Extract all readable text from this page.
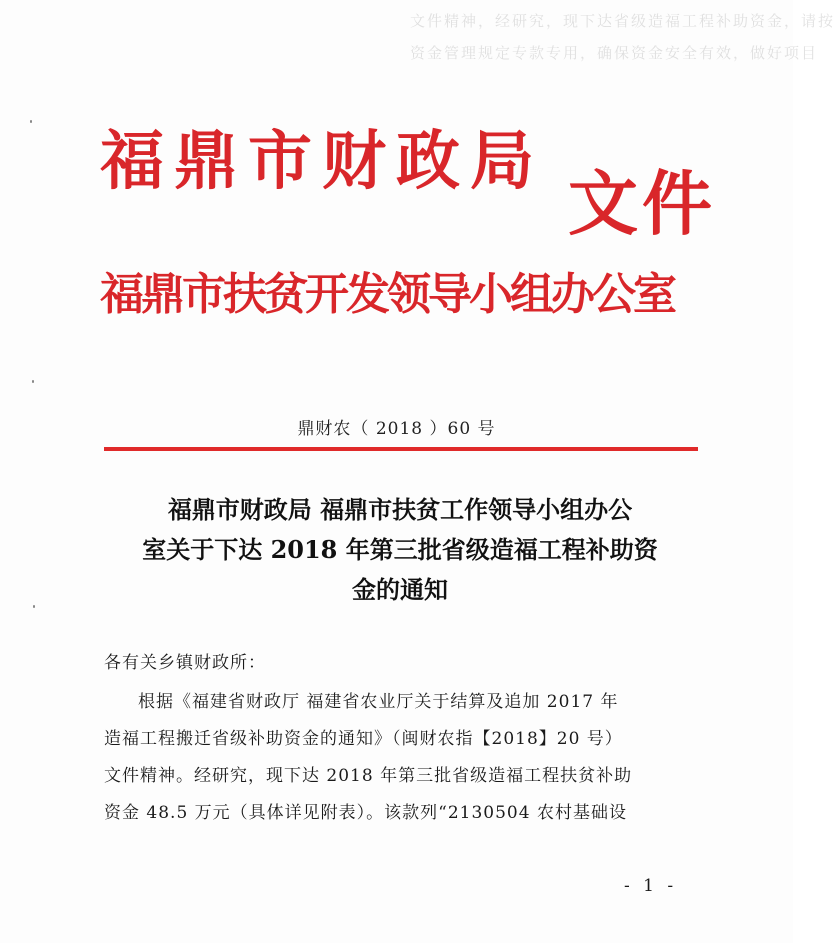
文件精神，经研究，现下达省级造福工程补助资金，请按
资金管理规定专款专用，确保资金安全有效，做好项目
福鼎市财政局
文件
福鼎市扶贫开发领导小组办公室
鼎财农（ 2018 ）60 号
福鼎市财政局 福鼎市扶贫工作领导小组办公
室关于下达 2018 年第三批省级造福工程补助资
金的通知
各有关乡镇财政所：
根据《福建省财政厅 福建省农业厅关于结算及追加 2017 年
造福工程搬迁省级补助资金的通知》（闽财农指【2018】20 号）
文件精神。经研究，现下达 2018 年第三批省级造福工程扶贫补助
资金 48.5 万元（具体详见附表）。该款列“2130504 农村基础设
- 1 -
